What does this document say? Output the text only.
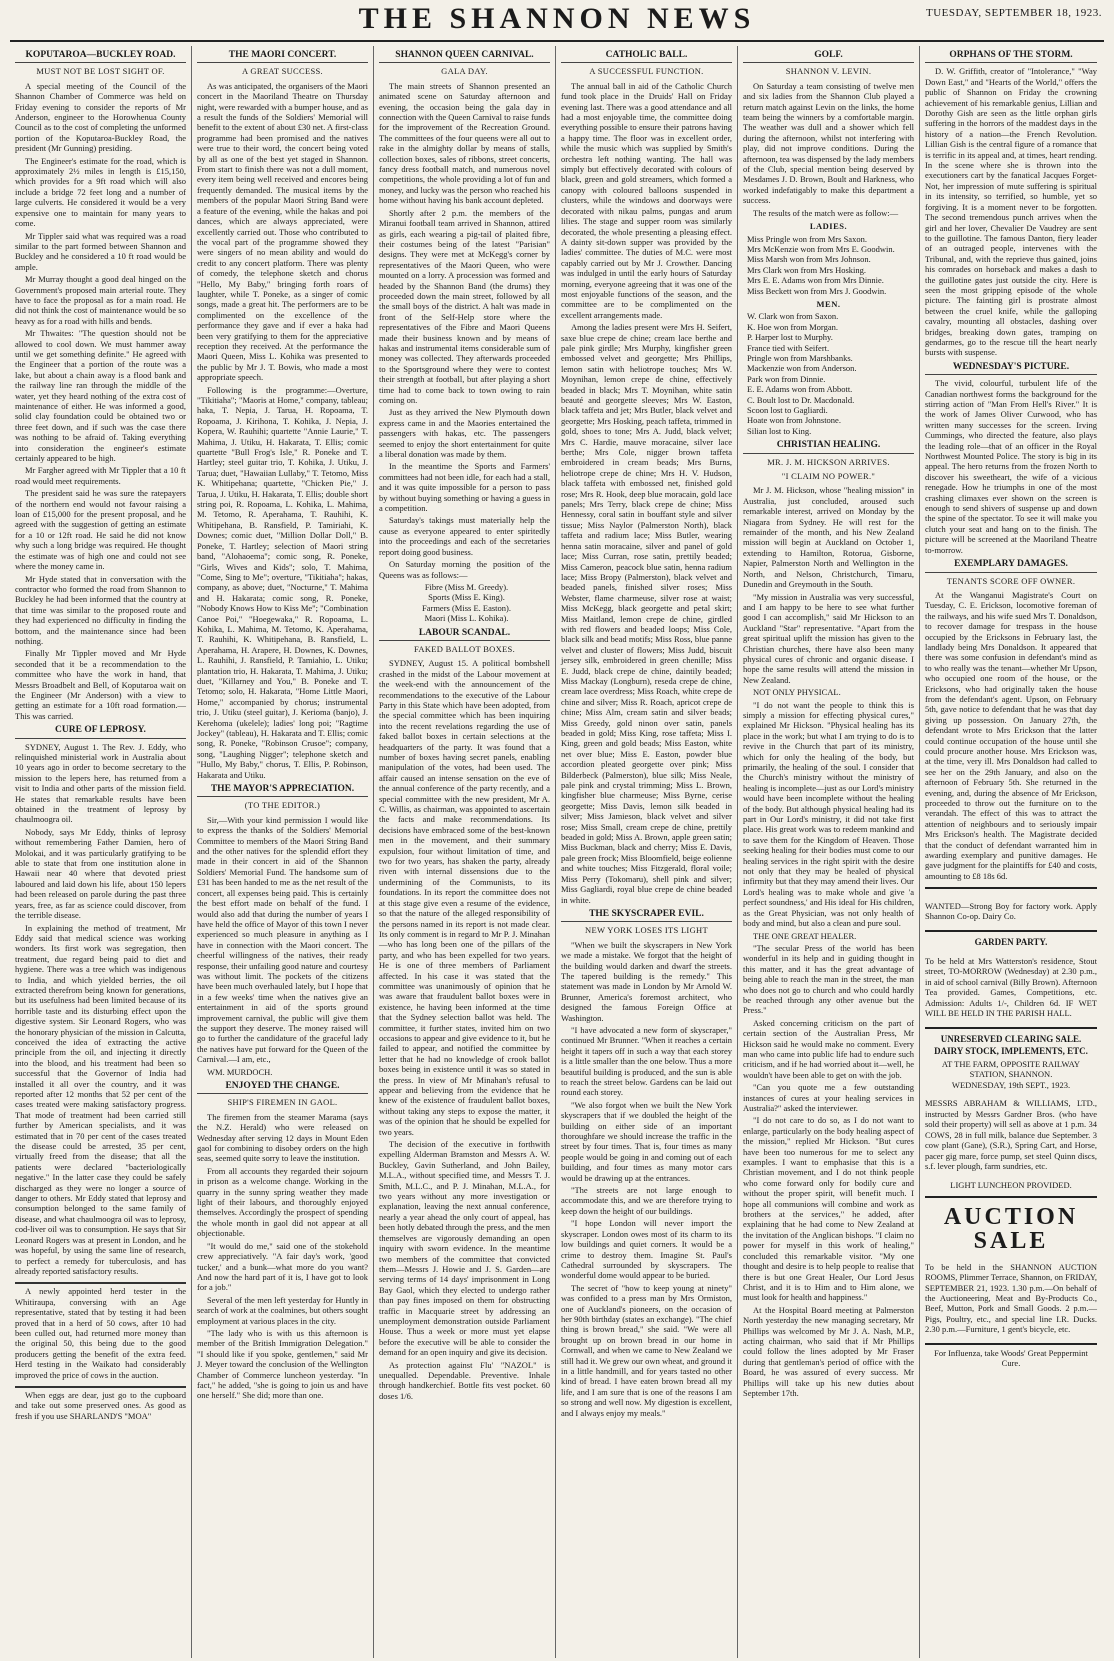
THE SHANNON NEWS	TUESDAY, SEPTEMBER 18, 1923.
KOPUTAROA—BUCKLEY ROAD.
MUST NOT BE LOST SIGHT OF.

A special meeting of the Council of the Shannon Chamber of Commerce was held on Friday evening to consider the reports of Mr Anderson, engineer to the Horowhenua County Council as to the cost of completing the unformed portion of the Koputaroa-Buckley Road, the president (Mr Gunning) presiding.

The Engineer's estimate for the road, which is approximately 2½ miles in length is £15,150, which provides for a 9ft road which will also include a bridge 72 feet long and a number of large culverts. He considered it would be a very expensive one to maintain for many years to come.

Mr Tippler said what was required was a road similar to the part formed between Shannon and Buckley and he considered a 10 ft road would be ample.

Mr Murray thought a good deal hinged on the Government's proposed main arterial route. They have to face the proposal as for a main road. He did not think the cost of maintenance would be so heavy as for a road with hills and bends.

Mr Thwaites: "The question should not be allowed to cool down. We must hammer away until we get something definite." He agreed with the Engineer that a portion of the route was a lake, but about a chain away is a flood bank and the railway line ran through the middle of the water, yet they heard nothing of the extra cost of maintenance of either. He was informed a good, solid clay foundation could be obtained two or three feet down, and if such was the case there was nothing to be afraid of. Taking everything into consideration the engineer's estimate certainly appeared to be high.

Mr Fargher agreed with Mr Tippler that a 10 ft road would meet requirements.

The president said he was sure the ratepayers of the northern end would not favour raising a loan of £15,000 for the present proposal, and he agreed with the suggestion of getting an estimate for a 10 or 12ft road. He said he did not know why such a long bridge was required. He thought the estimate was of high one and could not see where the money came in.

Mr Hyde stated that in conversation with the contractor who formed the road from Shannon to Buckley he had been informed that the country at that time was similar to the proposed route and they had experienced no difficulty in finding the bottom, and the maintenance since had been nothing.

Finally Mr Tippler moved and Mr Hyde seconded that it be a recommendation to the committee who have the work in hand, that Messrs Broadbelt and Bell, of Koputaroa wait on the Engineer (Mr Anderson) with a view to getting an estimate for a 10ft road formation.—This was carried.

CURE OF LEPROSY.

SYDNEY, August 1. The Rev. J. Eddy, who relinquished ministerial work in Australia about 10 years ago in order to become secretary to the mission to the lepers here, has returned from a visit to India and other parts of the mission field. He states that remarkable results have been obtained in the treatment of leprosy by chaulmoogra oil.

Nobody, says Mr Eddy, thinks of leprosy without remembering Father Damien, hero of Molokai, and it was particularly gratifying to be able to state that from one institution alone in Hawaii near 40 where that devoted priest laboured and laid down his life, about 150 lepers had been released on parole during the past three years, free, as far as science could discover, from the terrible disease.

In explaining the method of treatment, Mr Eddy said that medical science was working wonders. Its first work was segregation, then treatment, due regard being paid to diet and hygiene. There was a tree which was indigenous to India, and which yielded berries, the oil extracted therefrom being known for generations, but its usefulness had been limited because of its horrible taste and its disturbing effect upon the digestive system. Sir Leonard Rogers, who was the honorary physician of the mission in Calcutta, conceived the idea of extracting the active principle from the oil, and injecting it directly into the blood, and his treatment had been so successful that the Governor of India had installed it all over the country, and it was reported after 12 months that 52 per cent of the cases treated were making satisfactory progress. That mode of treatment had been carried still further by American specialists, and it was estimated that in 70 per cent of the cases treated the disease could be arrested, 35 per cent, virtually freed from the disease; that all the patients were declared "bacteriologically negative." In the latter case they could be safely discharged as they were no longer a source of danger to others. Mr Eddy stated that leprosy and consumption belonged to the same family of disease, and what chaulmoogra oil was to leprosy, cod-liver oil was to consumption. He says that Sir Leonard Rogers was at present in London, and he was hopeful, by using the same line of research, to perfect a remedy for tuberculosis, and has already reported satisfactory results.

A newly appointed herd tester in the Whitiraupa, conversing with an Age representative, stated that by testing it had been proved that in a herd of 50 cows, after 10 had been culled out, had returned more money than the original 50, this being due to the good producers getting the benefit of the extra feed. Herd testing in the Waikato had considerably improved the price of cows in the auction.

When eggs are dear, just go to the cupboard and take out some preserved ones. As good as fresh if you use SHARLAND'S "MOA"

THE MAORI CONCERT.
A GREAT SUCCESS.

As was anticipated, the organisers of the Maori concert in the Maoriland Theatre on Thursday night, were rewarded with a bumper house, and as a result the funds of the Soldiers' Memorial will benefit to the extent of about £30 net. A first-class programme had been promised and the natives were true to their word, the concert being voted by all as one of the best yet staged in Shannon. From start to finish there was not a dull moment, every item being well received and encores being frequently demanded. The musical items by the members of the popular Maori String Band were a feature of the evening, while the hakas and poi dances, which are always appreciated, were excellently carried out. Those who contributed to the vocal part of the programme showed they were singers of no mean ability and would do credit to any concert platform. There was plenty of comedy, the telephone sketch and chorus "Hello, My Baby," bringing forth roars of laughter, while T. Poneke, as a singer of comic songs, made a great hit. The performers are to be complimented on the excellence of the performance they gave and if ever a haka had been very gratifying to them for the appreciative reception they received. At the performance the Maori Queen, Miss L. Kohika was presented to the public by Mr J. T. Bowis, who made a most appropriate speech.

Following is the programme:—Overture, "Tikitiaha"; "Maoris at Home," company, tableau; haka, T. Nepia, J. Tarua, H. Ropoama, T. Ropoama, J. Kirihona, T. Kohika, J. Nepia, J. Kopera, W. Rauhihi; quartette "Annie Laurie," T. Mahima, J. Utiku, H. Hakarata, T. Ellis; comic quartette "Bull Frog's Isle," R. Poneke and T. Hartley; steel guitar trio, T. Kohika, J. Utiku, J. Tarua; duet, "Hawaiian Lullaby," T. Tetomo, Miss K. Whitipehana; quartette, "Chicken Pie," J. Tarua, J. Utiku, H. Hakarata, T. Ellis; double short string poi, R. Ropoama, L. Kohika, L. Mahima, M. Tetomo, R. Aperahama, T. Rauhihi, K. Whitipehana, B. Ransfield, P. Tamiriahi, K. Downes; comic duet, "Million Dollar Doll," B. Poneke, T. Hartley; selection of Maori string band, "Alohaoema"; comic song, R. Poneke, "Girls, Wives and Kids"; solo, T. Mahima, "Come, Sing to Me"; overture, "Tikitiaha"; hakas, company, as above; duet, "Nocturne," T. Mahima and H. Hakarata; comic song, R. Poneke, "Nobody Knows How to Kiss Me"; "Combination Canoe Poi," "Hoegewaka," R. Ropoama, L. Kohika, L. Mahima, M. Tetomo, K. Aperahama, T. Rauhihi, K. Whitipehana, B. Ransfield, L. Aperahama, H. Arapere, H. Downes, K. Downes, L. Rauhihi, J. Ransfield, P. Tamiahio, L. Utiku; plantation trio, H. Hakarata, T. Mahima, J. Utiku; duet, "Killarney and You," B. Poneke and T. Tetomo; solo, H. Hakarata, "Home Little Maori, Home," accompanied by chorus; instrumental trio, J. Utiku (steel guitar), J. Kerioma (banjo), J. Kerehoma (ukelele); ladies' long poi; "Ragtime Jockey" (tableau), H. Hakarata and T. Ellis; comic song, R. Poneke, "Robinson Crusoe"; company, song, "Laughing Nigger"; telephone sketch and "Hullo, My Baby," chorus, T. Ellis, P. Robinson, Hakarata and Utiku.

THE MAYOR'S APPRECIATION.
(TO THE EDITOR.)

Sir,—With your kind permission I would like to express the thanks of the Soldiers' Memorial Committee to members of the Maori String Band and the other natives for the splendid effort they made in their concert in aid of the Shannon Soldiers' Memorial Fund. The handsome sum of £31 has been handed to me as the net result of the concert, all expenses being paid. This is certainly the best effort made on behalf of the fund. I would also add that during the number of years I have held the office of Mayor of this town I never experienced so much pleasure in anything as I have in connection with the Maori concert. The cheerful willingness of the natives, their ready response, their unfailing good nature and courtesy was without limit. The pockets of the citizens have been much overhauled lately, but I hope that in a few weeks' time when the natives give an entertainment in aid of the sports ground improvement carnival, the public will give them the support they deserve. The money raised will go to further the candidature of the graceful lady the natives have put forward for the Queen of the Carnival.—I am, etc.,

WM. MURDOCH.

ENJOYED THE CHANGE.
SHIP'S FIREMEN IN GAOL.

The firemen from the steamer Marama (says the N.Z. Herald) who were released on Wednesday after serving 12 days in Mount Eden gaol for combining to disobey orders on the high seas, seemed quite sorry to leave the institution.

From all accounts they regarded their sojourn in prison as a welcome change. Working in the quarry in the sunny spring weather they made light of their labours, and thoroughly enjoyed themselves. Accordingly the prospect of spending the whole month in gaol did not appear at all objectionable.

"It would do me," said one of the stokehold crew appreciatively. "A fair day's work, 'good tucker,' and a bunk—what more do you want? And now the hard part of it is, I have got to look for a job."

Several of the men left yesterday for Huntly in search of work at the coalmines, but others sought employment at various places in the city.

"The lady who is with us this afternoon is member of the British Immigration Delegation." "I should like if you spoke, gentlemen," said Mr J. Meyer toward the conclusion of the Wellington Chamber of Commerce luncheon yesterday. "In fact," he added, "she is going to join us and have one herself." She did; more than one.

SHANNON QUEEN CARNIVAL.
GALA DAY.

The main streets of Shannon presented an animated scene on Saturday afternoon and evening, the occasion being the gala day in connection with the Queen Carnival to raise funds for the improvement of the Recreation Ground. The committees of the four queens were all out to rake in the almighty dollar by means of stalls, collection boxes, sales of ribbons, street concerts, fancy dress football match, and numerous novel competitions, the whole providing a lot of fun and money, and lucky was the person who reached his home without having his bank account depleted.

Shortly after 2 p.m. the members of the Miranui football team arrived in Shannon, attired as girls, each wearing a pig-tail of plaited fibre, their costumes being of the latest "Parisian" designs. They were met at McKegg's corner by representatives of the Maori Queen, who were mounted on a lorry. A procession was formed and headed by the Shannon Band (the drums) they proceeded down the main street, followed by all the small boys of the district. A halt was made in front of the Self-Help store where the representatives of the Fibre and Maori Queens made their business known and by means of hakas and instrumental items considerable sum of money was collected. They afterwards proceeded to the Sportsground where they were to contest their strength at football, but after playing a short time had to come back to town owing to rain coming on.

Just as they arrived the New Plymouth down express came in and the Maories entertained the passengers with hakas, etc. The passengers seemed to enjoy the short entertainment for quite a liberal donation was made by them.

In the meantime the Sports and Farmers' committees had not been idle, for each had a stall, and it was quite impossible for a person to pass by without buying something or having a guess in a competition.

Saturday's takings must materially help the cause as everyone appeared to enter spiritedly into the proceedings and each of the secretaries report doing good business.

On Saturday morning the position of the Queens was as follows:—

Fibre (Miss M. Greedy).
Sports (Miss E. King).
Farmers (Miss E. Easton).
Maori (Miss L. Kohika).
LABOUR SCANDAL.
FAKED BALLOT BOXES.

SYDNEY, August 15. A political bombshell crashed in the midst of the Labour movement at the week-end with the announcement of the recommendations to the executive of the Labour Party in this State which have been adopted, from the special committee which has been inquiring into the recent revelations regarding the use of faked ballot boxes in certain selections at the headquarters of the party. It was found that a number of boxes having secret panels, enabling manipulation of the votes, had been used. The affair caused an intense sensation on the eve of the annual conference of the party recently, and a special committee with the new president, Mr A. C. Willis, as chairman, was appointed to ascertain the facts and make recommendations. Its decisions have embraced some of the best-known men in the movement, and their summary expulsion, four without limitation of time, and two for two years, has shaken the party, already riven with internal dissensions due to the undermining of the Communists, to its foundations. In its report the committee does not at this stage give even a resume of the evidence, so that the nature of the alleged responsibility of the persons named in its report is not made clear. Its only comment is in regard to Mr P. J. Minahan—who has long been one of the pillars of the party, and who has been expelled for two years. He is one of three members of Parliament affected. In his case it was stated that the committee was unanimously of opinion that he was aware that fraudulent ballot boxes were in existence, he having been informed at the time that the Sydney selection ballot was held. The committee, it further states, invited him on two occasions to appear and give evidence to it, but he failed to appear, and notified the committee by letter that he had no knowledge of crook ballot boxes being in existence until it was so stated in the press. In view of Mr Minahan's refusal to appear and believing from the evidence that he knew of the existence of fraudulent ballot boxes, without taking any steps to expose the matter, it was of the opinion that he should be expelled for two years.

The decision of the executive in forthwith expelling Alderman Bramston and Messrs A. W. Buckley, Gavin Sutherland, and John Bailey, M.L.A., without specified time, and Messrs T. J. Smith, M.L.C., and P. J. Minahan, M.L.A., for two years without any more investigation or explanation, leaving the next annual conference, nearly a year ahead the only court of appeal, has been hotly debated through the press, and the men themselves are vigorously demanding an open inquiry with sworn evidence. In the meantime two members of the committee that convicted them—Messrs J. Howie and J. S. Garden—are serving terms of 14 days' imprisonment in Long Bay Gaol, which they elected to undergo rather than pay fines imposed on them for obstructing traffic in Macquarie street by addressing an unemployment demonstration outside Parliament House. Thus a week or more must yet elapse before the executive will be able to consider the demand for an open inquiry and give its decision.

As protection against Flu' "NAZOL" is unequalled. Dependable. Preventive. Inhale through handkerchief. Bottle fits vest pocket. 60 doses 1/6.

CATHOLIC BALL.
A SUCCESSFUL FUNCTION.

The annual ball in aid of the Catholic Church fund took place in the Druids' Hall on Friday evening last. There was a good attendance and all had a most enjoyable time, the committee doing everything possible to ensure their patrons having a happy time. The floor was in excellent order, while the music which was supplied by Smith's orchestra left nothing wanting. The hall was simply but effectively decorated with colours of black, green and gold streamers, which formed a canopy with coloured balloons suspended in clusters, while the windows and doorways were decorated with nikau palms, pungas and arum lilies. The stage and supper room was similarly decorated, the whole presenting a pleasing effect. A dainty sit-down supper was provided by the ladies' committee. The duties of M.C. were most capably carried out by Mr J. Crowther. Dancing was indulged in until the early hours of Saturday morning, everyone agreeing that it was one of the most enjoyable functions of the season, and the committee are to be complimented on the excellent arrangements made.

Among the ladies present were Mrs H. Seifert, saxe blue crepe de chine; cream lace berthe and pale pink girdle; Mrs Murphy, kingfisher green embossed velvet and georgette; Mrs Phillips, lemon satin with heliotrope touches; Mrs W. Moynihan, lemon crepe de chine, effectively beaded in black; Mrs T. Moynihan, white satin beauté and georgette sleeves; Mrs W. Easton, black taffeta and jet; Mrs Butler, black velvet and georgette; Mrs Hosking, peach taffeta, trimmed in gold, shoes to tone; Mrs A. Judd, black velvet; Mrs C. Hardie, mauve moracaine, silver lace berthe; Mrs Cole, nigger brown taffeta embroidered in cream beads; Mrs Burns, heliotrope crepe de chine; Mrs H. V. Hudson, black taffeta with embossed net, finished gold rose; Mrs R. Hook, deep blue moracain, gold lace panels; Mrs Terry, black crepe de chine; Miss Hennessy, coral satin in bouffant style and silver tissue; Miss Naylor (Palmerston North), black taffeta and radium lace; Miss Butler, wearing henna satin moracaine, silver and panel of gold lace; Miss Curran, rose satin, prettily beaded; Miss Cameron, peacock blue satin, henna radium lace; Miss Bropy (Palmerston), black velvet and beaded panels, finished silver roses; Miss Webster, flame charmeuse, silver rose at waist; Miss McKegg, black georgette and petal skirt; Miss Maitland, lemon crepe de chine, girdled with red flowers and beaded loops; Miss Cole, black silk and bead motifs; Miss Ross, blue panne velvet and cluster of flowers; Miss Judd, biscuit jersey silk, embroidered in green chenille; Miss E. Judd, black crepe de chine, daintily beaded; Miss Mackay (Longburn), reseda crepe de chine, cream lace overdress; Miss Roach, white crepe de chine and silver; Miss R. Roach, apricot crepe de chine; Miss Alm, cream satin and silver beads; Miss Greedy, gold ninon over satin, panels beaded in gold; Miss King, rose taffeta; Miss I. King, green and gold beads; Miss Easton, white net over blue; Miss E. Easton, powder blue accordion pleated georgette over pink; Miss Bilderbeck (Palmerston), blue silk; Miss Neale, pale pink and crystal trimming; Miss L. Brown, kingfisher blue charmeuse; Miss Byrne, cerise georgette; Miss Davis, lemon silk beaded in silver; Miss Jamieson, black velvet and silver rose; Miss Small, cream crepe de chine, prettily beaded in gold; Miss A. Brown, apple green satin; Miss Buckman, black and cherry; Miss E. Davis, pale green frock; Miss Bloomfield, beige eolienne and white touches; Miss Fitzgerald, floral voile; Miss Perry (Tokomaru), shell pink and silver; Miss Gagliardi, royal blue crepe de chine beaded in white.

THE SKYSCRAPER EVIL.
NEW YORK LOSES ITS LIGHT

"When we built the skyscrapers in New York we made a mistake. We forgot that the height of the building would darken and dwarf the streets. The tapered building is the remedy." This statement was made in London by Mr Arnold W. Brunner, America's foremost architect, who designed the famous Foreign Office at Washington.

"I have advocated a new form of skyscraper," continued Mr Brunner. "When it reaches a certain height it tapers off in such a way that each storey is a little smaller than the one below. Thus a more beautiful building is produced, and the sun is able to reach the street below. Gardens can be laid out round each storey.

"We also forgot when we built the New York skyscrapers that if we doubled the height of the building on either side of an important thoroughfare we should increase the traffic in the street by four times. That is, four times as many people would be going in and coming out of each building, and four times as many motor cars would be drawing up at the entrances.

"The streets are not large enough to accommodate this, and we are therefore trying to keep down the height of our buildings.

"I hope London will never import the skyscraper. London owes most of its charm to its low buildings and quiet corners. It would be a crime to destroy them. Imagine St. Paul's Cathedral surrounded by skyscrapers. The wonderful dome would appear to be buried.

The secret of "how to keep young at ninety" was confided to a press man by Mrs Ormiston, one of Auckland's pioneers, on the occasion of her 90th birthday (states an exchange). "The chief thing is brown bread," she said. "We were all brought up on brown bread in our home in Cornwall, and when we came to New Zealand we still had it. We grew our own wheat, and ground it in a little handmill, and for years tasted no other kind of bread. I have eaten brown bread all my life, and I am sure that is one of the reasons I am so strong and well now. My digestion is excellent, and I always enjoy my meals."

GOLF.
SHANNON V. LEVIN.

On Saturday a team consisting of twelve men and six ladies from the Shannon Club played a return match against Levin on the links, the home team being the winners by a comfortable margin. The weather was dull and a shower which fell during the afternoon, whilst not interfering with play, did not improve conditions. During the afternoon, tea was dispensed by the lady members of the Club, special mention being deserved by Mesdames J. D. Brown, Boult and Harkness, who worked indefatigably to make this department a success.

The results of the match were as follow:—

LADIES.
Miss Pringle won from Mrs Saxon.
Mrs McKenzie won from Mrs E. Goodwin.
Miss Marsh won from Mrs Johnson.
Mrs Clark won from Mrs Hosking.
Mrs E. E. Adams won from Mrs Dinnie.
Miss Beckett won from Mrs J. Goodwin.
MEN.
W. Clark won from Saxon.
K. Hoe won from Morgan.
P. Harper lost to Murphy.
France tied with Seifert.
Pringle won from Marshbanks.
Mackenzie won from Anderson.
Park won from Dinnie.
E. E. Adams won from Abbott.
C. Boult lost to Dr. Macdonald.
Scoon lost to Gagliardi.
Hoate won from Johnstone.
Silian lost to King.
CHRISTIAN HEALING.
MR. J. M. HICKSON ARRIVES.
"I CLAIM NO POWER."

Mr J. M. Hickson, whose "healing mission" in Australia, just concluded, aroused such remarkable interest, arrived on Monday by the Niagara from Sydney. He will rest for the remainder of the month, and his New Zealand mission will begin at Auckland on October 1, extending to Hamilton, Rotorua, Gisborne, Napier, Palmerston North and Wellington in the North, and Nelson, Christchurch, Timaru, Dunedin and Greymouth in the South.

"My mission in Australia was very successful, and I am happy to be here to see what further good I can accomplish," said Mr Hickson to an Auckland "Star" representative. "Apart from the great spiritual uplift the mission has given to the Christian churches, there have also been many physical cures of chronic and organic disease. I hope the same results will attend the mission in New Zealand.

NOT ONLY PHYSICAL.

"I do not want the people to think this is simply a mission for effecting physical cures," explained Mr Hickson. "Physical healing has its place in the work; but what I am trying to do is to revive in the Church that part of its ministry, which for only the healing of the body, but primarily, the healing of the soul. I consider that the Church's ministry without the ministry of healing is incomplete—just as our Lord's ministry would have been incomplete without the healing of the body. But although physical healing had its part in Our Lord's ministry, it did not take first place. His great work was to redeem mankind and to save them for the Kingdom of Heaven. Those seeking healing for their bodies must come to our healing services in the right spirit with the desire not only that they may be healed of physical infirmity but that they may amend their lives. Our Lord's healing was to make whole and give 'a perfect soundness,' and His ideal for His children, as the Great Physician, was not only health of body and mind, but also a clean and pure soul.

THE ONE GREAT HEALER.

"The secular Press of the world has been wonderful in its help and in guiding thought in this matter, and it has the great advantage of being able to reach the man in the street, the man who does not go to church and who could hardly be reached through any other avenue but the Press."

Asked concerning criticism on the part of certain section of the Australian Press, Mr Hickson said he would make no comment. Every man who came into public life had to endure such criticism, and if he had worried about it—well, he wouldn't have been able to get on with the job.

"Can you quote me a few outstanding instances of cures at your healing services in Australia?" asked the interviewer.

"I do not care to do so, as I do not want to enlarge, particularly on the body healing aspect of the mission," replied Mr Hickson. "But cures have been too numerous for me to select any examples. I want to emphasise that this is a Christian movement, and I do not think people who come forward only for bodily cure and without the proper spirit, will benefit much. I hope all communions will combine and work as brothers at the services," he added, after explaining that he had come to New Zealand at the invitation of the Anglican bishops. "I claim no power for myself in this work of healing," concluded this remarkable visitor. "My one thought and desire is to help people to realise that there is but one Great Healer, Our Lord Jesus Christ, and it is to Him and to Him alone, we must look for health and happiness."

At the Hospital Board meeting at Palmerston North yesterday the new managing secretary, Mr Phillips was welcomed by Mr J. A. Nash, M.P., acting chairman, who said that if Mr Phillips could follow the lines adopted by Mr Fraser during that gentleman's period of office with the Board, he was assured of every success. Mr Phillips will take up his new duties about September 17th.

ORPHANS OF THE STORM.

D. W. Griffith, creator of "Intolerance," "Way Down East," and "Hearts of the World," offers the public of Shannon on Friday the crowning achievement of his remarkable genius, Lillian and Dorothy Gish are seen as the little orphan girls suffering in the horrors of the maddest days in the history of a nation—the French Revolution. Lillian Gish is the central figure of a romance that is terrific in its appeal and, at times, heart rending. In the scene where she is thrown into the executioners cart by the fanatical Jacques Forget-Not, her impression of mute suffering is spiritual in its intensity, so terrified, so humble, yet so forgiving. It is a moment never to be forgotten. The second tremendous punch arrives when the girl and her lover, Chevalier De Vaudrey are sent to the guillotine. The famous Danton, fiery leader of an outraged people, intervenes with the Tribunal, and, with the reprieve thus gained, joins his comrades on horseback and makes a dash to the guillotine gates just outside the city. Here is seen the most gripping episode of the whole picture. The fainting girl is prostrate almost between the cruel knife, while the galloping cavalry, mounting all obstacles, dashing over bridges, breaking down gates, tramping on gendarmes, go to the rescue till the heart nearly bursts with suspense.

WEDNESDAY'S PICTURE.

The vivid, colourful, turbulent life of the Canadian northwest forms the background for the stirring action of "Man From Hell's River." It is the work of James Oliver Curwood, who has written many successes for the screen. Irving Cummings, who directed the feature, also plays the leading role—that of an officer in the Royal Northwest Mounted Police. The story is big in its appeal. The hero returns from the frozen North to discover his sweetheart, the wife of a vicious renegade. How he triumphs in one of the most crashing climaxes ever shown on the screen is enough to send shivers of suspense up and down the spine of the spectator. To see it will make you clutch your seat and hang on to the finish. The picture will be screened at the Maoriland Theatre to-morrow.

EXEMPLARY DAMAGES.
TENANTS SCORE OFF OWNER.

At the Wanganui Magistrate's Court on Tuesday, C. E. Erickson, locomotive foreman of the railways, and his wife sued Mrs T. Donaldson, to recover damage for trespass in the house occupied by the Ericksons in February last, the landlady being Mrs Donaldson. It appeared that there was some confusion in defendant's mind as to who really was the tenant—whether Mr Upson, who occupied one room of the house, or the Ericksons, who had originally taken the house from the defendant's agent. Upson, on February 5th, gave notice to defendant that he was that day giving up possession. On January 27th, the defendant wrote to Mrs Erickson that the latter could continue occupation of the house until she could procure another house. Mrs Erickson was, at the time, very ill. Mrs Donaldson had called to see her on the 29th January, and also on the afternoon of February 5th. She returned in the evening, and, during the absence of Mr Erickson, proceeded to throw out the furniture on to the verandah. The effect of this was to attract the attention of neighbours and to seriously impair Mrs Erickson's health. The Magistrate decided that the conduct of defendant warranted him in awarding exemplary and punitive damages. He gave judgment for the plaintiffs for £40 and costs, amounting to £8 18s 6d.

WANTED—Strong Boy for factory work. Apply Shannon Co-op. Dairy Co.

GARDEN PARTY.

To be held at Mrs Watterston's residence, Stout street, TO-MORROW (Wednesday) at 2.30 p.m., in aid of school carnival (Billy Brown). Afternoon Tea provided. Games, Competitions, etc. Admission: Adults 1/-, Children 6d. IF WET WILL BE HELD IN THE PARISH HALL.

UNRESERVED CLEARING SALE.
DAIRY STOCK, IMPLEMENTS, ETC.
AT THE FARM, OPPOSITE RAILWAY STATION, SHANNON.
WEDNESDAY, 19th SEPT., 1923.

MESSRS ABRAHAM & WILLIAMS, LTD., instructed by Messrs Gardner Bros. (who have sold their property) will sell as above at 1 p.m. 34 COWS, 28 in full milk, balance due September. 3 cow plant (Gane), (S.R.), Spring Cart, and Horse, pacer gig mare, force pump, set steel Quinn discs, s.f. lever plough, farm sundries, etc.

LIGHT LUNCHEON PROVIDED.
AUCTION SALE

To be held in the SHANNON AUCTION ROOMS, Plimmer Terrace, Shannon, on FRIDAY, SEPTEMBER 21, 1923. 1.30 p.m.—On behalf of the Auctioneering, Meat and By-Products Co., Beef, Mutton, Pork and Small Goods. 2 p.m.—Pigs, Poultry, etc., and special line I.R. Ducks. 2.30 p.m.—Furniture, 1 gent's bicycle, etc.

For Influenza, take Woods' Great Peppermint Cure.
